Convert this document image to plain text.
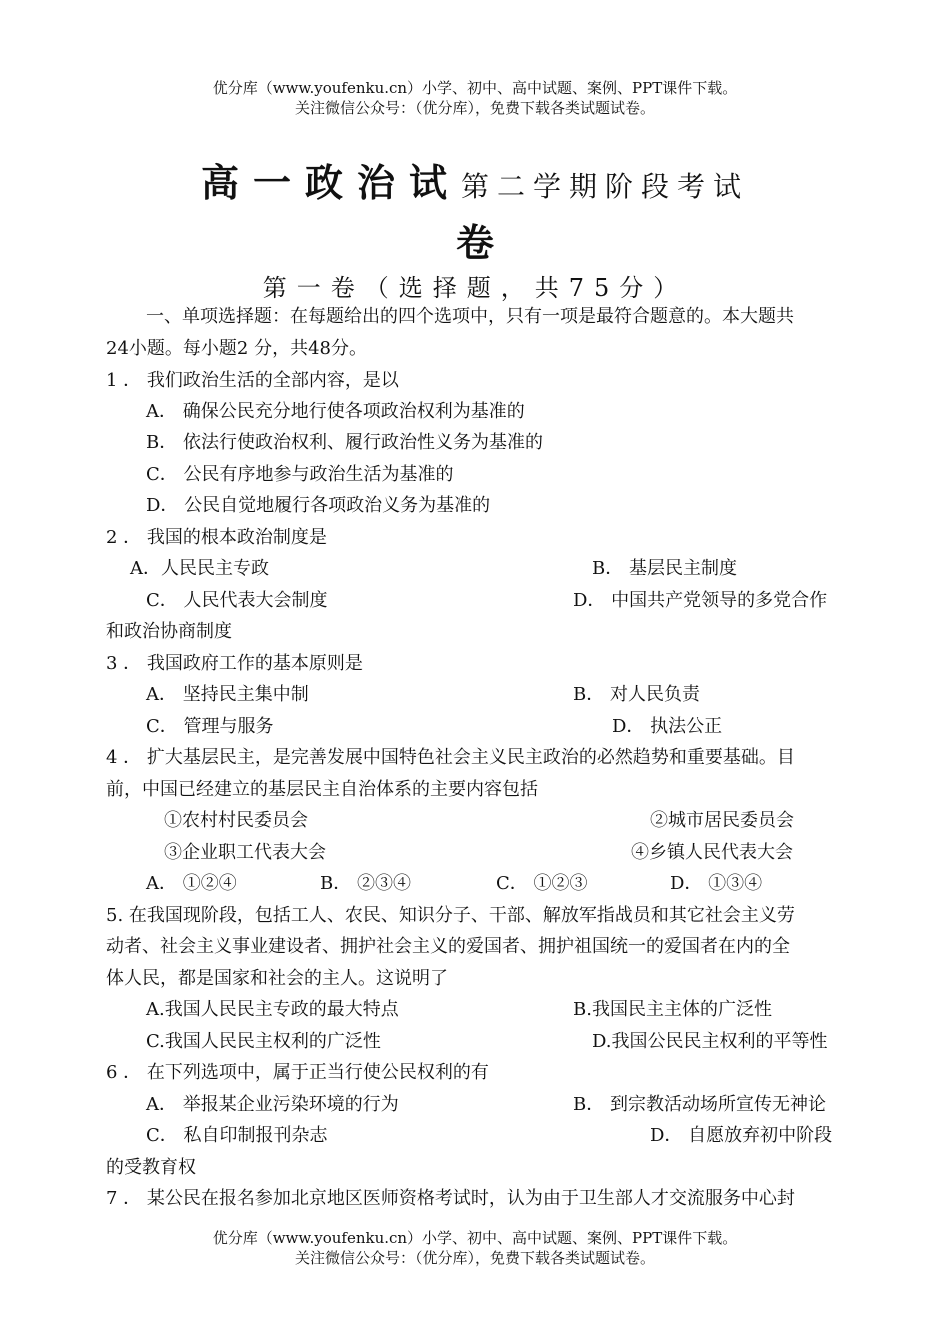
优分库（www.youfenku.cn）小学、初中、高中试题、案例、PPT课件下载。
关注微信公众号：（优分库），免费下载各类试题试卷。
高一政治试第二学期阶段考试
卷
第一卷（选择题，共75分）
一、单项选择题：在每题给出的四个选项中，只有一项是最符合题意的。本大题共
24小题。每小题2 分，共48分。
1 ． 我们政治生活的全部内容，是以
A． 确保公民充分地行使各项政治权利为基准的
B． 依法行使政治权利、履行政治性义务为基准的
C． 公民有序地参与政治生活为基准的
D． 公民自觉地履行各项政治义务为基准的
2 ． 我国的根本政治制度是
A．人民民主专政	B． 基层民主制度
C． 人民代表大会制度	D． 中国共产党领导的多党合作
和政治协商制度
3 ． 我国政府工作的基本原则是
A． 坚持民主集中制	B． 对人民负责
C． 管理与服务	D． 执法公正
4 ． 扩大基层民主，是完善发展中国特色社会主义民主政治的必然趋势和重要基础。目
前，中国已经建立的基层民主自治体系的主要内容包括
①农村村民委员会	②城市居民委员会
③企业职工代表大会	④乡镇人民代表大会
A． ①②④	B． ②③④	C． ①②③	D． ①③④
5. 在我国现阶段，包括工人、农民、知识分子、干部、解放军指战员和其它社会主义劳
动者、社会主义事业建设者、拥护社会主义的爱国者、拥护祖国统一的爱国者在内的全
体人民，都是国家和社会的主人。这说明了
A.我国人民民主专政的最大特点	B.我国民主主体的广泛性
C.我国人民民主权利的广泛性	D.我国公民民主权利的平等性
6 ． 在下列选项中，属于正当行使公民权利的有
A． 举报某企业污染环境的行为	B． 到宗教活动场所宣传无神论
C． 私自印制报刊杂志	D． 自愿放弃初中阶段
的受教育权
7 ． 某公民在报名参加北京地区医师资格考试时，认为由于卫生部人才交流服务中心封
优分库（www.youfenku.cn）小学、初中、高中试题、案例、PPT课件下载。
关注微信公众号：（优分库），免费下载各类试题试卷。
